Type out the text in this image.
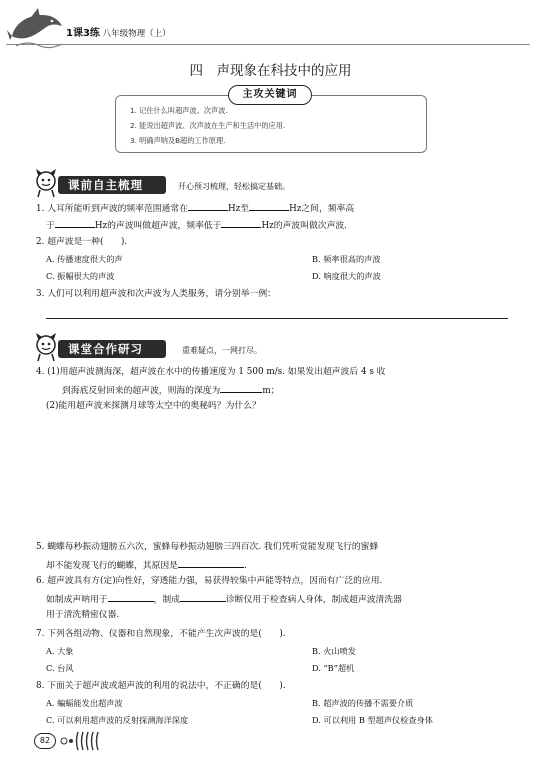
1课3练 八年级物理（上）
四　声现象在科技中的应用
主攻关键词
1. 记住什么叫超声波、次声波.
2. 能说出超声波、次声波在生产和生活中的应用.
3. 明确声呐及B超的工作原理.
课前自主梳理	开心预习梳理，轻松搞定基础。
1. 人耳所能听到声波的频率范围通常在	Hz至	Hz之间，频率高
于	Hz的声波叫做超声波，频率低于	Hz的声波叫做次声波.
2. 超声波是一种(　　).
A. 传播速度很大的声	B. 频率很高的声波
C. 振幅很大的声波	D. 响度很大的声波
3. 人们可以利用超声波和次声波为人类服务，请分别举一例：
课堂合作研习	重难疑点，一网打尽。
4. (1)用超声波测海深，超声波在水中的传播速度为 1 500 m/s. 如果发出超声波后 4 s 收
到海底反射回来的超声波，则海的深度为	m；
(2)能用超声波来探测月球等太空中的奥秘吗？为什么？
5. 蝴蝶每秒振动翅膀五六次，蜜蜂每秒振动翅膀三四百次. 我们凭听觉能发现飞行的蜜蜂
却不能发现飞行的蝴蝶，其原因是	.
6. 超声波具有方(定)向性好，穿透能力强，易获得较集中声能等特点，因而有广泛的应用.
如制成声呐用于	，制成	诊断仪用于检查病人身体，制成超声波清洗器
用于清洗精密仪器.
7. 下列各组动物、仪器和自然现象，不能产生次声波的是(　　).
A. 大象	B. 火山喷发
C. 台风	D. “B”超机
8. 下面关于超声波或超声波的利用的说法中，不正确的是(　　).
A. 蝙蝠能发出超声波	B. 超声波的传播不需要介质
C. 可以利用超声波的反射探测海洋深度	D. 可以利用 B 型超声仪检查身体
82
